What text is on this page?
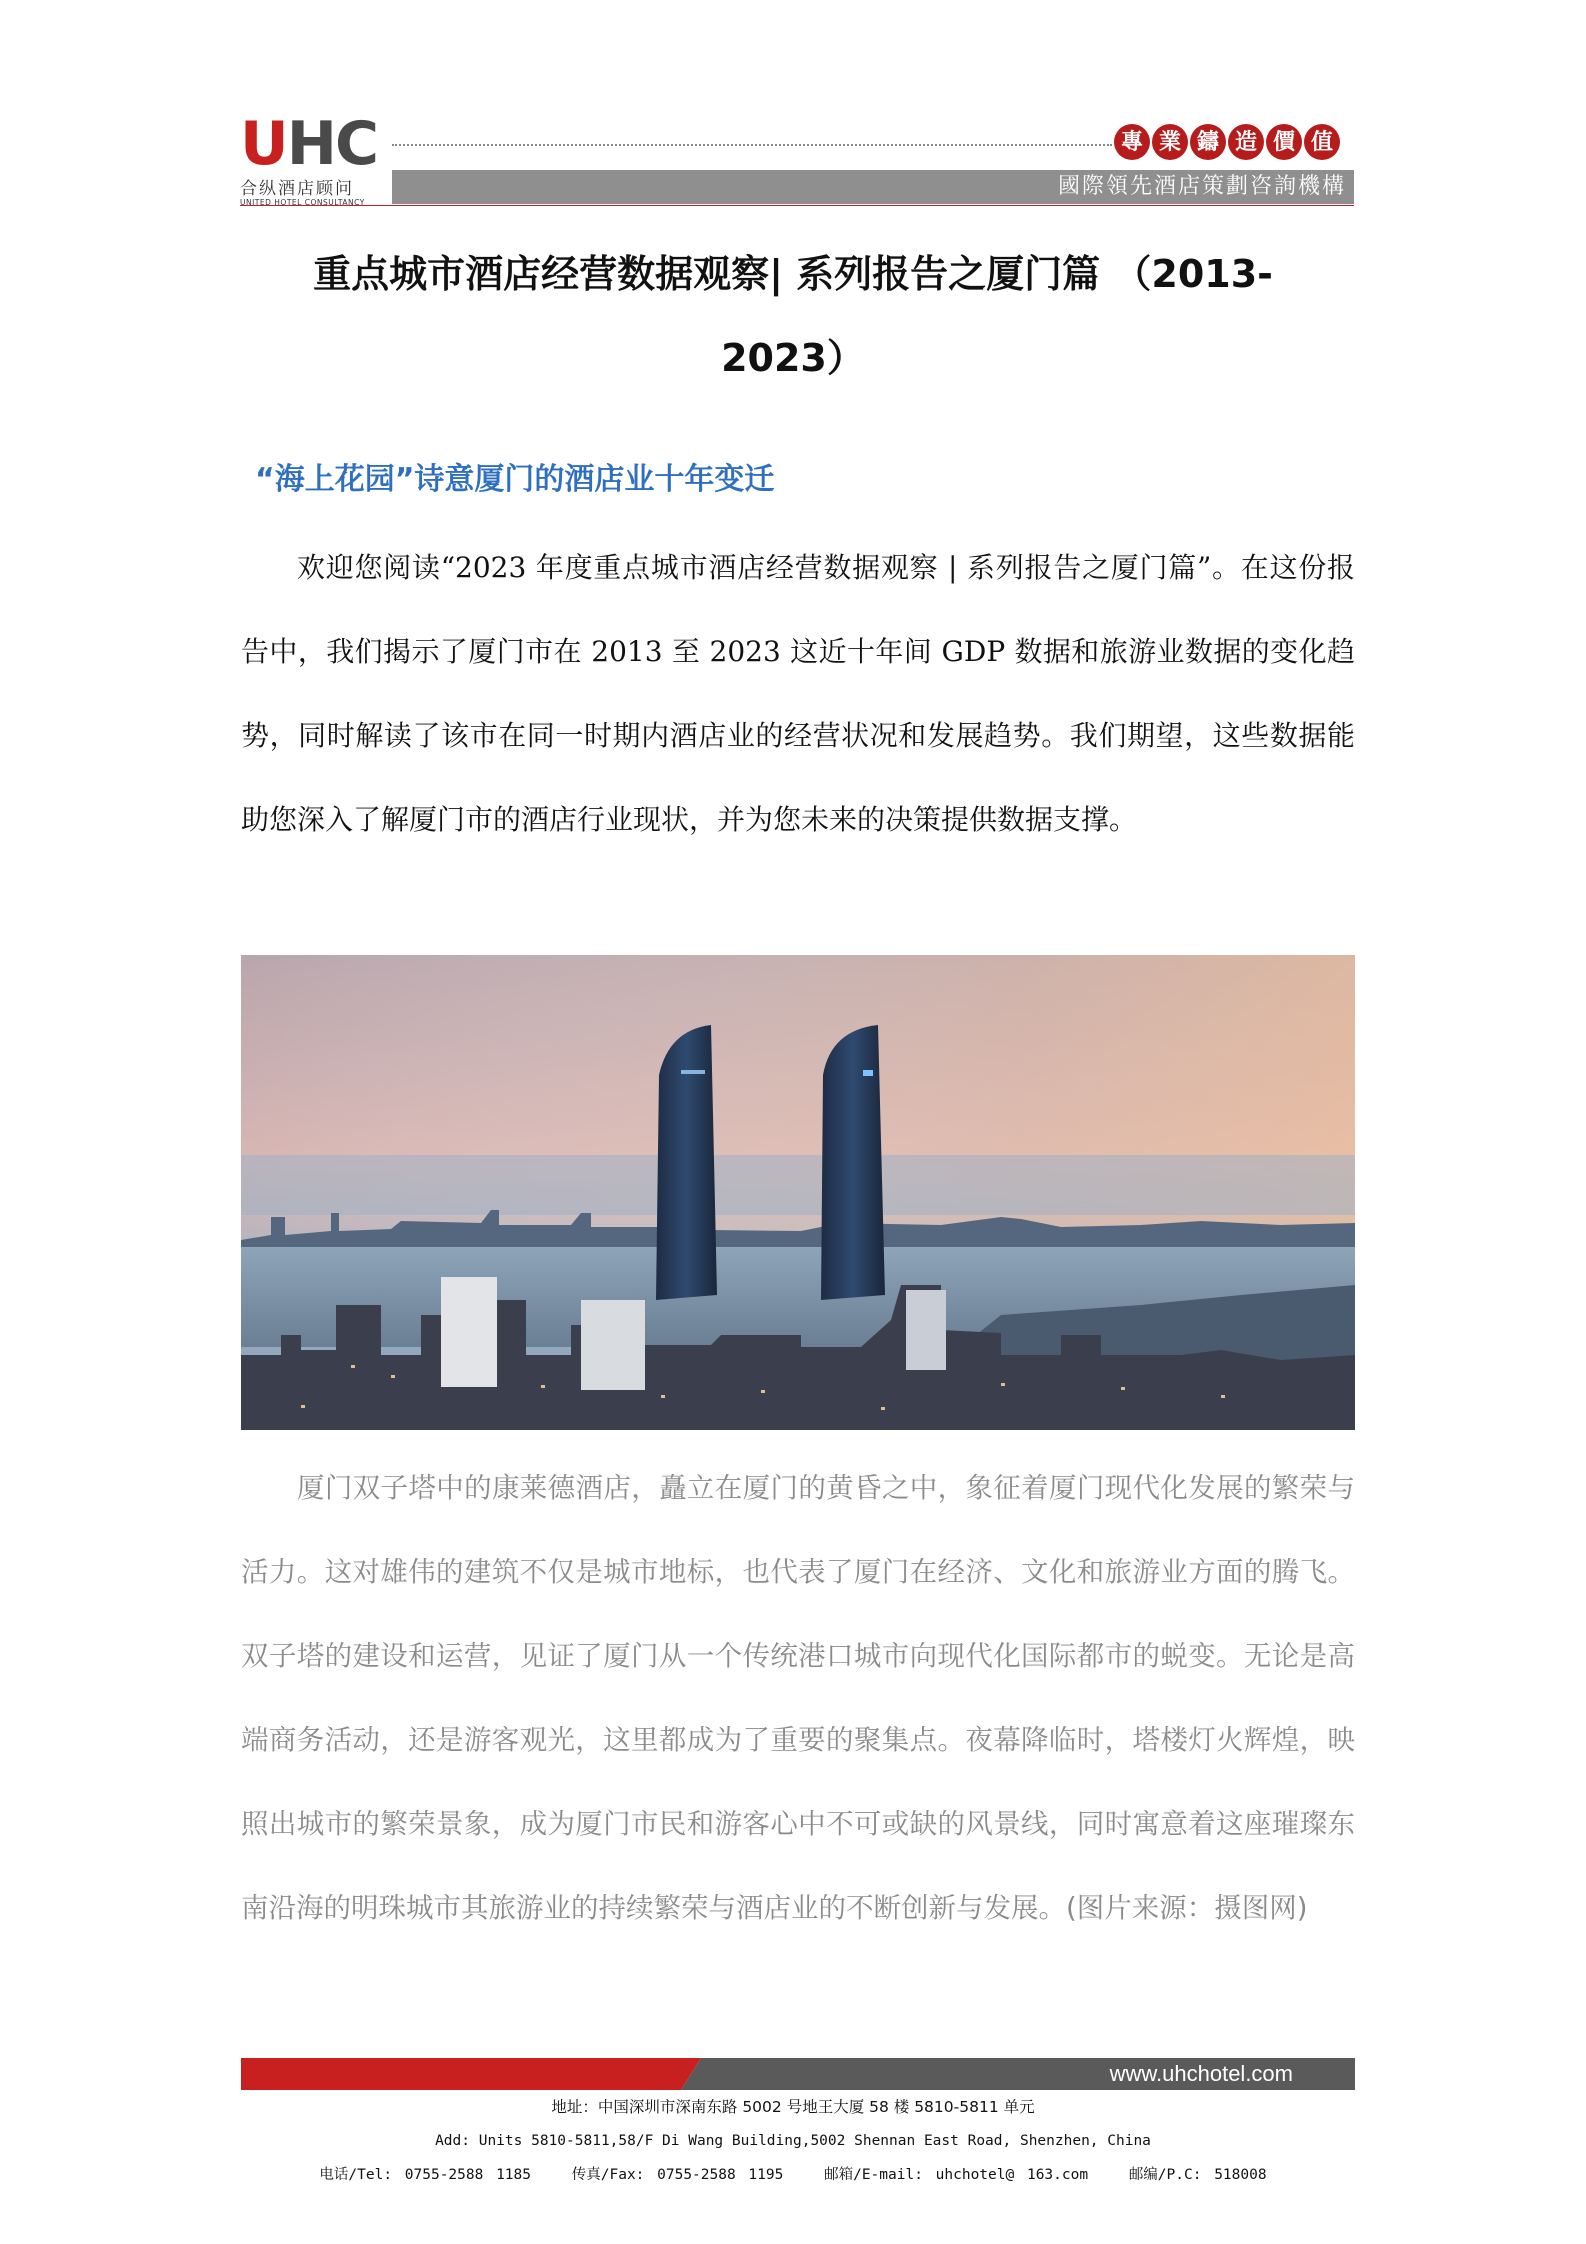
UHC
合纵酒店顾问
UNITED HOTEL CONSULTANCY
專 業 鑄 造 價 值
國際領先酒店策劃咨詢機構
重点城市酒店经营数据观察| 系列报告之厦门篇 （2013-2023）
“海上花园”诗意厦门的酒店业十年变迁
欢迎您阅读“2023 年度重点城市酒店经营数据观察 | 系列报告之厦门篇”。在这份报告中，我们揭示了厦门市在 2013 至 2023 这近十年间 GDP 数据和旅游业数据的变化趋势，同时解读了该市在同一时期内酒店业的经营状况和发展趋势。我们期望，这些数据能助您深入了解厦门市的酒店行业现状，并为您未来的决策提供数据支撑。
厦门双子塔中的康莱德酒店，矗立在厦门的黄昏之中，象征着厦门现代化发展的繁荣与活力。这对雄伟的建筑不仅是城市地标，也代表了厦门在经济、文化和旅游业方面的腾飞。双子塔的建设和运营，见证了厦门从一个传统港口城市向现代化国际都市的蜕变。无论是高端商务活动，还是游客观光，这里都成为了重要的聚集点。夜幕降临时，塔楼灯火辉煌，映照出城市的繁荣景象，成为厦门市民和游客心中不可或缺的风景线，同时寓意着这座璀璨东南沿海的明珠城市其旅游业的持续繁荣与酒店业的不断创新与发展。(图片来源：摄图网)
www.uhchotel.com
地址：中国深圳市深南东路 5002 号地王大厦 58 楼 5810-5811 单元
Add: Units 5810-5811,58/F Di Wang Building,5002 Shennan East Road, Shenzhen, China
电话/Tel: 0755-2588 1185	传真/Fax: 0755-2588 1195	邮箱/E-mail: uhchotel@ 163.com	邮编/P.C: 518008
